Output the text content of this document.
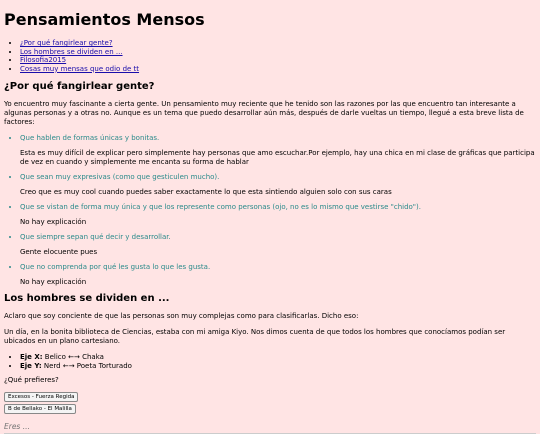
Pensamientos Mensos
• ¿Por qué fangirlear gente?
• Los hombres se dividen en ...
• Filosofia2015
• Cosas muy mensas que odio de tt
¿Por qué fangirlear gente?

Yo encuentro muy fascinante a cierta gente. Un pensamiento muy reciente que he tenido son las razones por las que encuentro tan interesante a algunas personas y a otras no. Aunque es un tema que puedo desarrollar aún más, después de darle vueltas un tiempo, llegué a esta breve lista de factores:

• Que hablen de formas únicas y bonitas.
Esta es muy difícil de explicar pero simplemente hay personas que amo escuchar.Por ejemplo, hay una chica en mi clase de gráficas que participa de vez en cuando y simplemente me encanta su forma de hablar
• Que sean muy expresivas (como que gesticulen mucho).
Creo que es muy cool cuando puedes saber exactamente lo que esta sintiendo alguien solo con sus caras
• Que se vistan de forma muy única y que los represente como personas (ojo, no es lo mismo que vestirse "chido").
No hay explicación
• Que siempre sepan qué decir y desarrollar.
Gente elocuente pues
• Que no comprenda por qué les gusta lo que les gusta.
No hay explicación
Los hombres se dividen en ...

Aclaro que soy conciente de que las personas son muy complejas como para clasificarlas. Dicho eso:

Un día, en la bonita biblioteca de Ciencias, estaba con mi amiga Kiyo. Nos dimos cuenta de que todos los hombres que conocíamos podían ser ubicados en un plano cartesiano.

• Eje X: Belico ←→ Chaka
• Eje Y: Nerd ←→ Poeta Torturado

¿Qué prefieres?

Excesos - Fuerza Regida
B de Bellako - El Malilla
Eres ...
